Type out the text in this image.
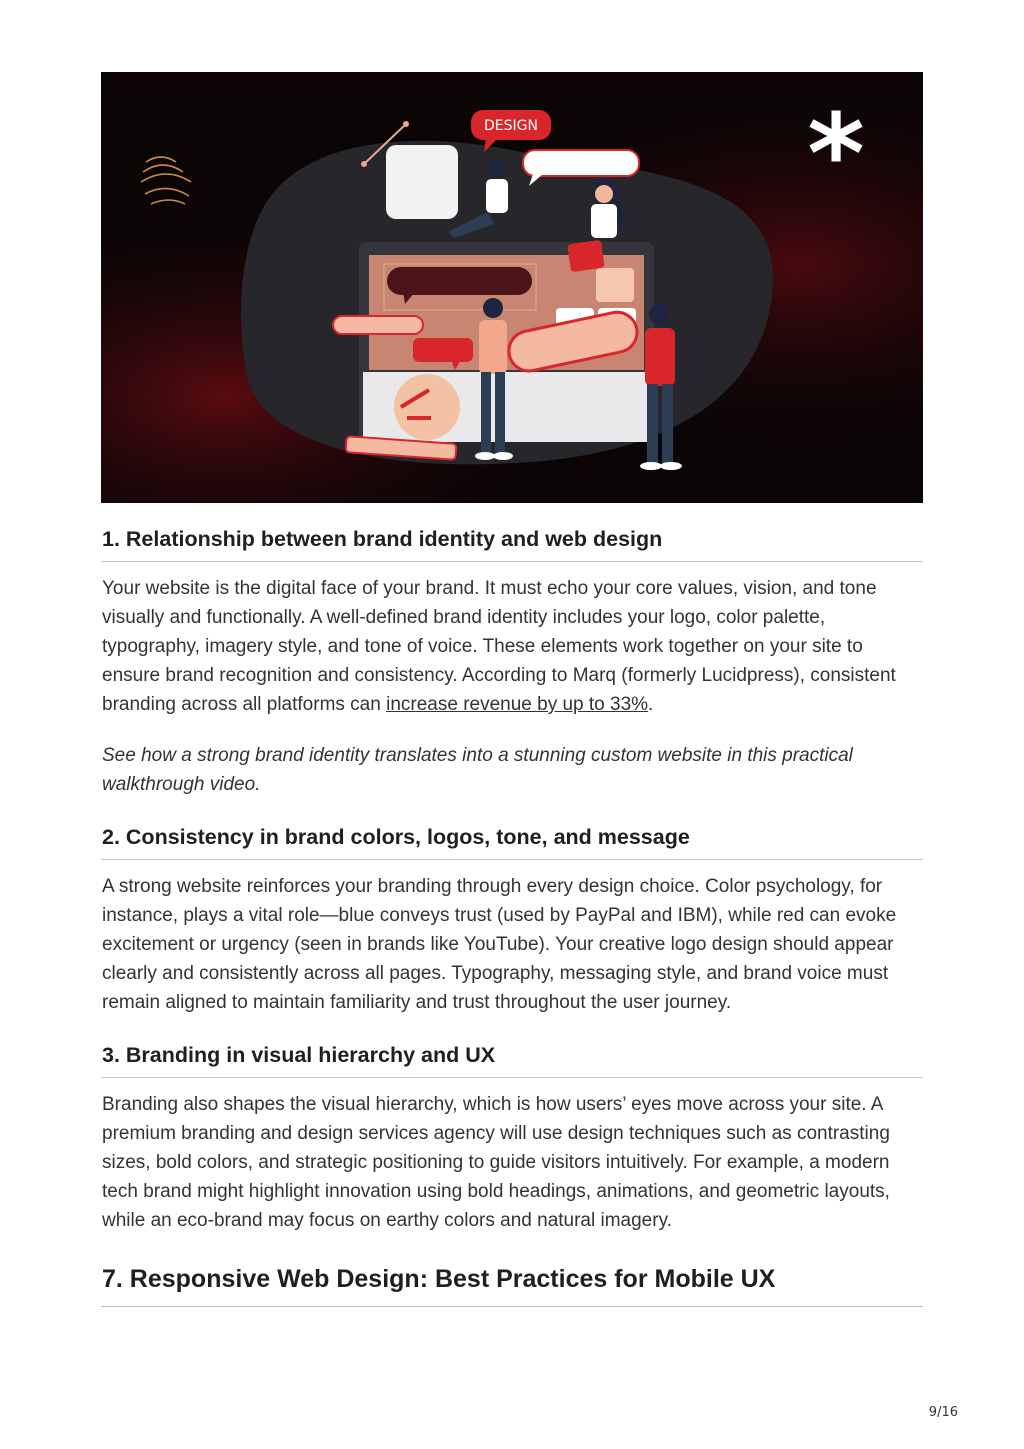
*
DESIGN
1. Relationship between brand identity and web design

Your website is the digital face of your brand. It must echo your core values, vision, and tone visually and functionally. A well-defined brand identity includes your logo, color palette, typography, imagery style, and tone of voice. These elements work together on your site to ensure brand recognition and consistency. According to Marq (formerly Lucidpress), consistent branding across all platforms can increase revenue by up to 33%.

See how a strong brand identity translates into a stunning custom website in this practical walkthrough video.

2. Consistency in brand colors, logos, tone, and message

A strong website reinforces your branding through every design choice. Color psychology, for instance, plays a vital role—blue conveys trust (used by PayPal and IBM), while red can evoke excitement or urgency (seen in brands like YouTube). Your creative logo design should appear clearly and consistently across all pages. Typography, messaging style, and brand voice must remain aligned to maintain familiarity and trust throughout the user journey.

3. Branding in visual hierarchy and UX

Branding also shapes the visual hierarchy, which is how users’ eyes move across your site. A premium branding and design services agency will use design techniques such as contrasting sizes, bold colors, and strategic positioning to guide visitors intuitively. For example, a modern tech brand might highlight innovation using bold headings, animations, and geometric layouts, while an eco-brand may focus on earthy colors and natural imagery.

7. Responsive Web Design: Best Practices for Mobile UX
9/16
